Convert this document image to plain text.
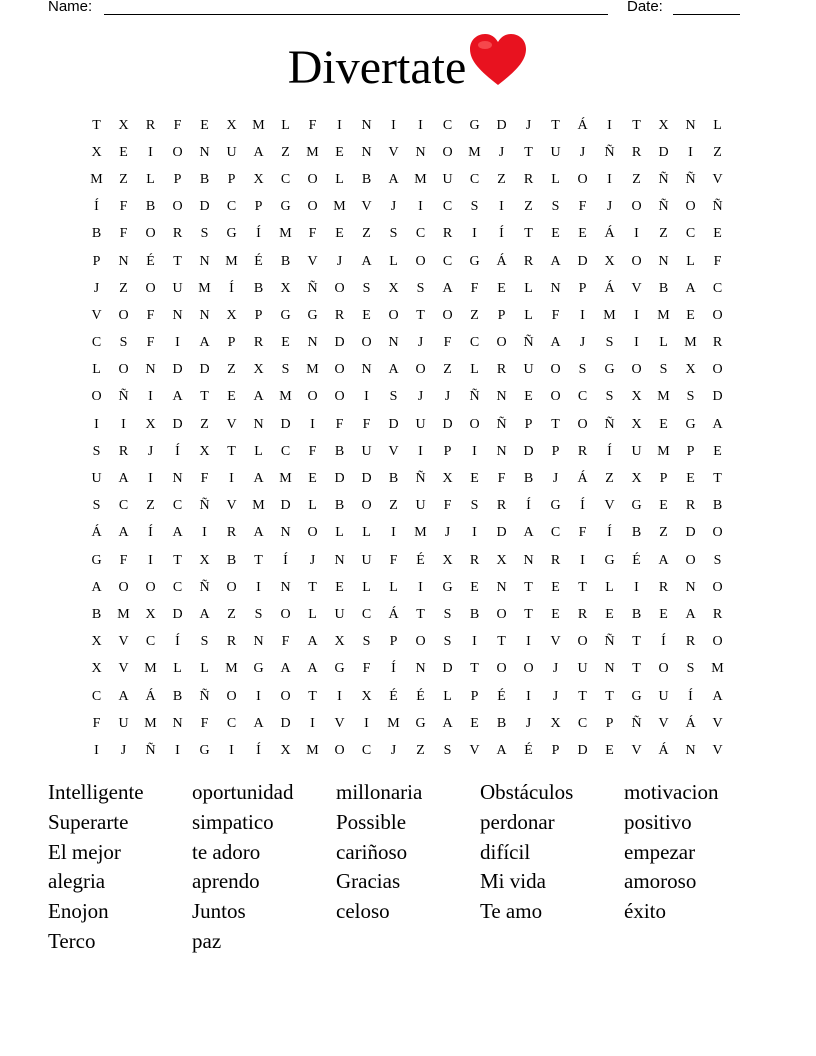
Name:	Date:
Divertate
T	X	R	F	E	X	M	L	F	I	N	I	I	C	G	D	J	T	Á	I	T	X	N	L
X	E	I	O	N	U	A	Z	M	E	N	V	N	O	M	J	T	U	J	Ñ	R	D	I	Z
M	Z	L	P	B	P	X	C	O	L	B	A	M	U	C	Z	R	L	O	I	Z	Ñ	Ñ	V
Í	F	B	O	D	C	P	G	O	M	V	J	I	C	S	I	Z	S	F	J	O	Ñ	O	Ñ
B	F	O	R	S	G	Í	M	F	E	Z	S	C	R	I	Í	T	E	E	Á	I	Z	C	E
P	N	É	T	N	M	É	B	V	J	A	L	O	C	G	Á	R	A	D	X	O	N	L	F
J	Z	O	U	M	Í	B	X	Ñ	O	S	X	S	A	F	E	L	N	P	Á	V	B	A	C
V	O	F	N	N	X	P	G	G	R	E	O	T	O	Z	P	L	F	I	M	I	M	E	O
C	S	F	I	A	P	R	E	N	D	O	N	J	F	C	O	Ñ	A	J	S	I	L	M	R
L	O	N	D	D	Z	X	S	M	O	N	A	O	Z	L	R	U	O	S	G	O	S	X	O
O	Ñ	I	A	T	E	A	M	O	O	I	S	J	J	Ñ	N	E	O	C	S	X	M	S	D
I	I	X	D	Z	V	N	D	I	F	F	D	U	D	O	Ñ	P	T	O	Ñ	X	E	G	A
S	R	J	Í	X	T	L	C	F	B	U	V	I	P	I	N	D	P	R	Í	U	M	P	E
U	A	I	N	F	I	A	M	E	D	D	B	Ñ	X	E	F	B	J	Á	Z	X	P	E	T
S	C	Z	C	Ñ	V	M	D	L	B	O	Z	U	F	S	R	Í	G	Í	V	G	E	R	B
Á	A	Í	A	I	R	A	N	O	L	L	I	M	J	I	D	A	C	F	Í	B	Z	D	O
G	F	I	T	X	B	T	Í	J	N	U	F	É	X	R	X	N	R	I	G	É	A	O	S
A	O	O	C	Ñ	O	I	N	T	E	L	L	I	G	E	N	T	E	T	L	I	R	N	O
B	M	X	D	A	Z	S	O	L	U	C	Á	T	S	B	O	T	E	R	E	B	E	A	R
X	V	C	Í	S	R	N	F	A	X	S	P	O	S	I	T	I	V	O	Ñ	T	Í	R	O
X	V	M	L	L	M	G	A	A	G	F	Í	N	D	T	O	O	J	U	N	T	O	S	M
C	A	Á	B	Ñ	O	I	O	T	I	X	É	É	L	P	É	I	J	T	T	G	U	Í	A
F	U	M	N	F	C	A	D	I	V	I	M	G	A	E	B	J	X	C	P	Ñ	V	Á	V
I	J	Ñ	I	G	I	Í	X	M	O	C	J	Z	S	V	A	É	P	D	E	V	Á	N	V
Intelligente	oportunidad	millonaria	Obstáculos	motivacion
Superarte	simpatico	Possible	perdonar	positivo
El mejor	te adoro	cariñoso	difícil	empezar
alegria	aprendo	Gracias	Mi vida	amoroso
Enojon	Juntos	celoso	Te amo	éxito
Terco	paz
